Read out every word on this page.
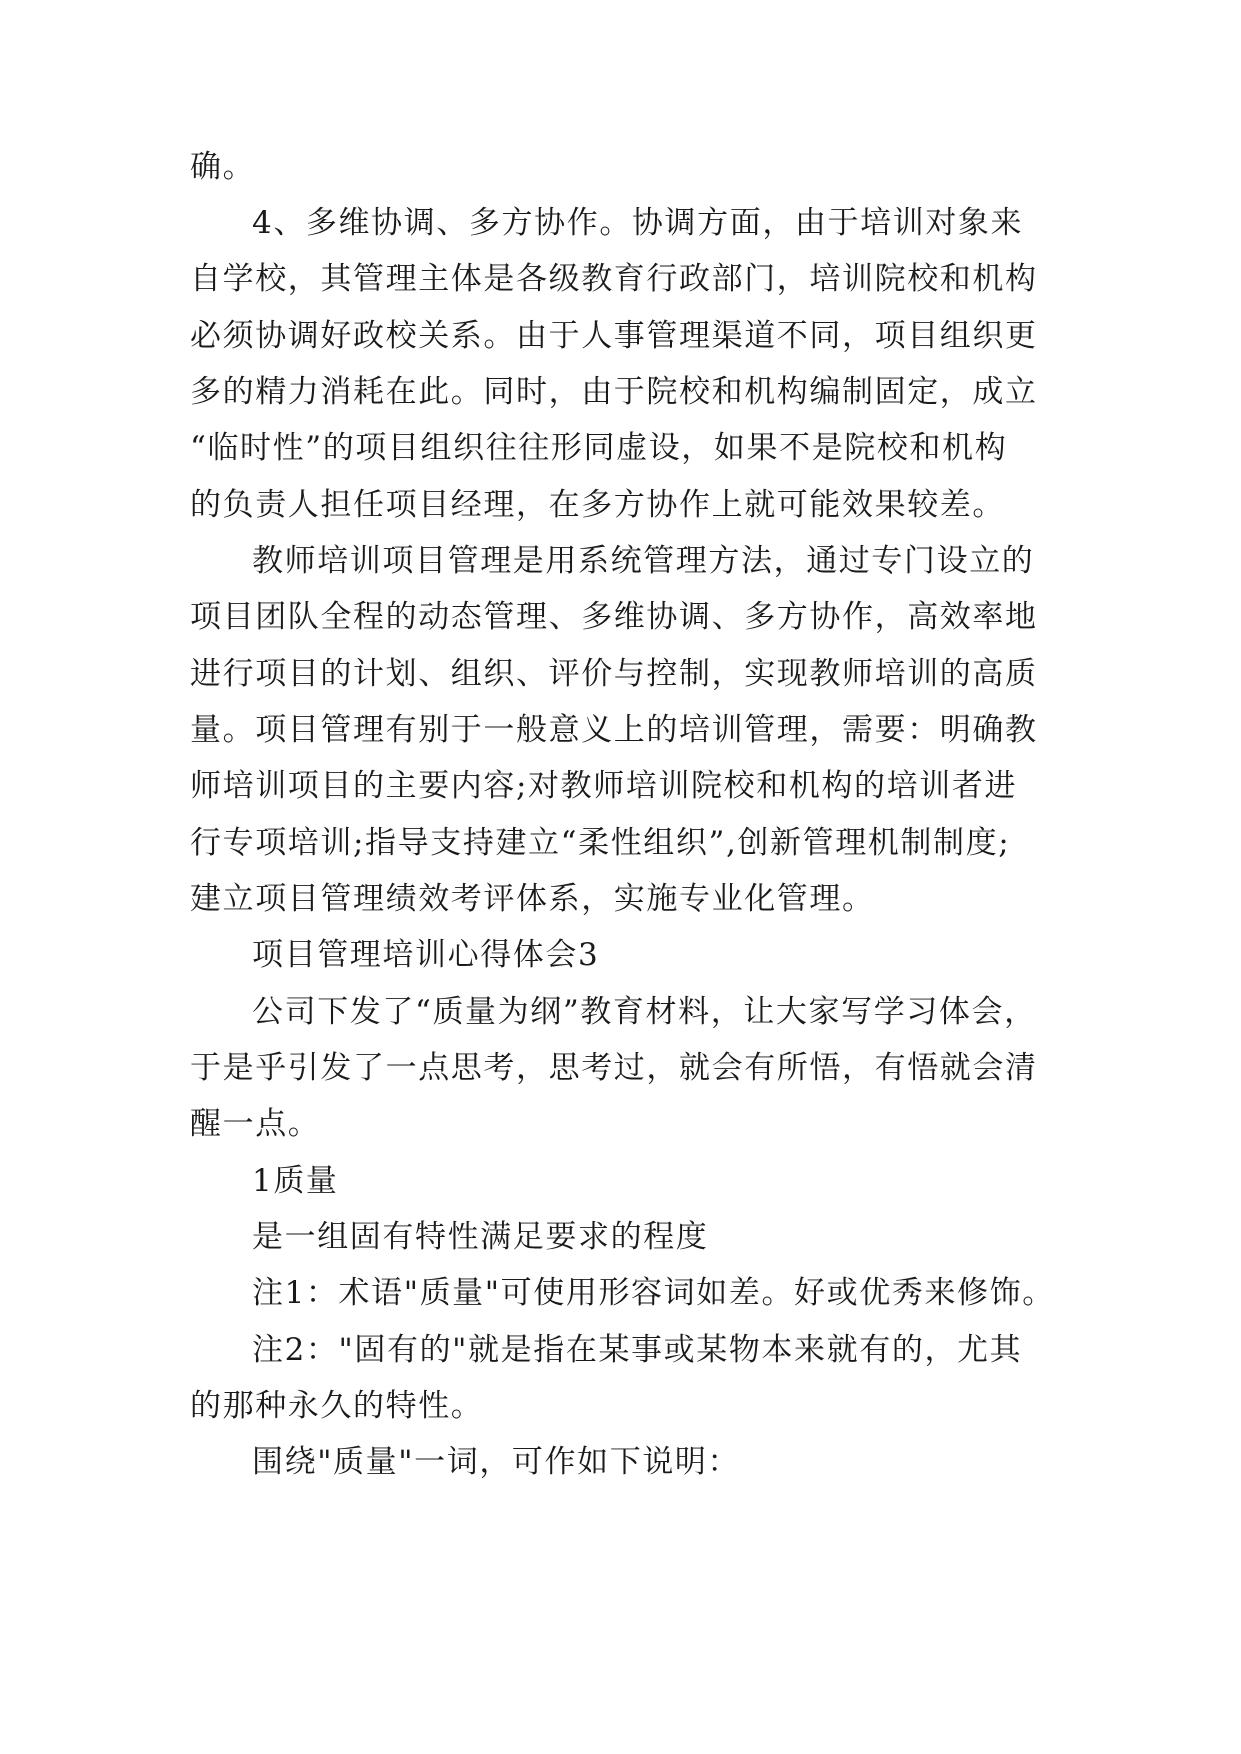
确。
4、多维协调、多方协作。协调方面，由于培训对象来
自学校，其管理主体是各级教育行政部门，培训院校和机构
必须协调好政校关系。由于人事管理渠道不同，项目组织更
多的精力消耗在此。同时，由于院校和机构编制固定，成立
“临时性”的项目组织往往形同虚设，如果不是院校和机构
的负责人担任项目经理，在多方协作上就可能效果较差。
教师培训项目管理是用系统管理方法，通过专门设立的
项目团队全程的动态管理、多维协调、多方协作，高效率地
进行项目的计划、组织、评价与控制，实现教师培训的高质
量。项目管理有别于一般意义上的培训管理，需要：明确教
师培训项目的主要内容;对教师培训院校和机构的培训者进
行专项培训;指导支持建立“柔性组织”,创新管理机制制度;
建立项目管理绩效考评体系，实施专业化管理。
项目管理培训心得体会3
公司下发了“质量为纲”教育材料，让大家写学习体会，
于是乎引发了一点思考，思考过，就会有所悟，有悟就会清
醒一点。
1质量
是一组固有特性满足要求的程度
注1：术语"质量"可使用形容词如差。好或优秀来修饰。
注2："固有的"就是指在某事或某物本来就有的，尤其
的那种永久的特性。
围绕"质量"一词，可作如下说明：
